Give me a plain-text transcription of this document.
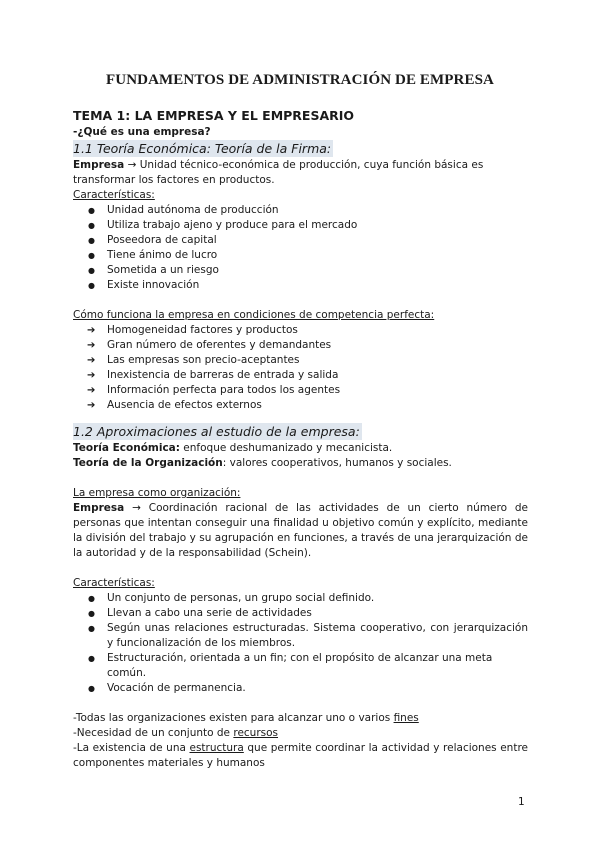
FUNDAMENTOS DE ADMINISTRACIÓN DE EMPRESA

TEMA 1: LA EMPRESA Y EL EMPRESARIO

-¿Qué es una empresa?

1.1 Teoría Económica: Teoría de la Firma:

Empresa → Unidad técnico-económica de producción, cuya función básica es transformar los factores en productos.

Características:

● Unidad autónoma de producción
● Utiliza trabajo ajeno y produce para el mercado
● Poseedora de capital
● Tiene ánimo de lucro
● Sometida a un riesgo
● Existe innovación

Cómo funciona la empresa en condiciones de competencia perfecta:

➔ Homogeneidad factores y productos
➔ Gran número de oferentes y demandantes
➔ Las empresas son precio-aceptantes
➔ Inexistencia de barreras de entrada y salida
➔ Información perfecta para todos los agentes
➔ Ausencia de efectos externos

1.2 Aproximaciones al estudio de la empresa:

Teoría Económica: enfoque deshumanizado y mecanicista.

Teoría de la Organización: valores cooperativos, humanos y sociales.

La empresa como organización:

Empresa → Coordinación racional de las actividades de un cierto número de personas que intentan conseguir una finalidad u objetivo común y explícito, mediante la división del trabajo y su agrupación en funciones, a través de una jerarquización de la autoridad y de la responsabilidad (Schein).

Características:

● Un conjunto de personas, un grupo social definido.
● Llevan a cabo una serie de actividades
● Según unas relaciones estructuradas. Sistema cooperativo, con jerarquización y funcionalización de los miembros.
● Estructuración, orientada a un fin; con el propósito de alcanzar una meta común.
● Vocación de permanencia.

-Todas las organizaciones existen para alcanzar uno o varios fines

-Necesidad de un conjunto de recursos

-La existencia de una estructura que permite coordinar la actividad y relaciones entre componentes materiales y humanos

1
